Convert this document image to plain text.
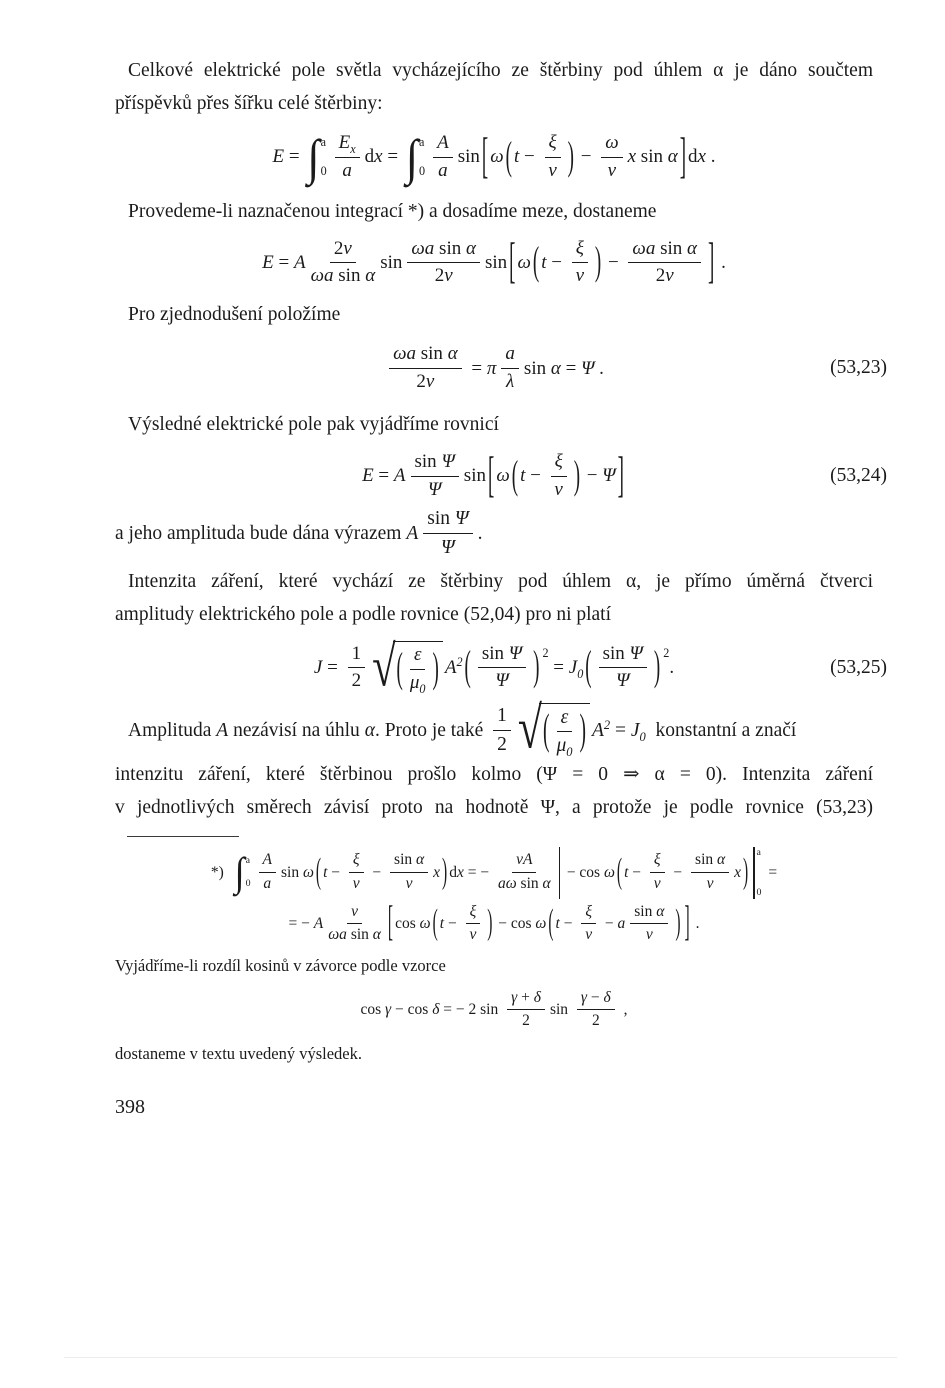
Celkové elektrické pole světla vycházejícího ze štěrbiny pod úhlem α je dáno součtem
příspěvků přes šířku celé štěrbiny:
E = ∫ a
$0 \frac{E_x}{a}$ d x = ∫ a
$0 \frac{A}{a}$ sin [ ω ( $t - \frac{\xi}{v}$ ) − $\frac{\omega}{v}$ x sin α ] d x .
Provedeme-li naznačenou integrací *) a dosadíme meze, dostaneme
E = A $\frac{2 v}{\text{ωa sin α}}$ $\sin \frac{\text{ωa sin α}}{2 v}$ sin [ ω ( $t - \frac{\xi}{v}$ ) − $\frac{\text{ωa sin α}}{2 v}$ ] .
Pro zjednodušení položíme
$\frac{\text{ωa sin α}}{2 v} = \pi \frac{a}{\lambda}$ sin α = Ψ .	(53,23)
Výsledné elektrické pole pak vyjádříme rovnicí
E = A $\frac{\text{sin Ψ}}{\Psi}$ sin [ ω ( $t - \frac{\xi}{v}$ ) − Ψ ]	(53,24)
a jeho amplituda bude dána výrazem A $\frac{\text{sin Ψ}}{\Psi}$ .
Intenzita záření, které vychází ze štěrbiny pod úhlem α, je přímo úměrná čtverci
amplitudy elektrického pole a podle rovnice (52,04) pro ni platí
$J = \frac{1}{2}$ √ ( $\frac{\varepsilon}{\mu_0}$ ) $A^2$ ( $\frac{\text{sin Ψ}}{\Psi}$ ) 2
= $J_0$ ( $\frac{\text{sin Ψ}}{\Psi}$ ) 2
.	(53,25)
Amplituda A nezávisí na úhlu α . Proto je také $\frac{1}{2}$ √ ( $\frac{\varepsilon}{\mu_0}$ ) $A^2 = J_0$ konstantní a značí
intenzitu záření, které štěrbinou prošlo kolmo (Ψ = 0 ⇒ α = 0). Intenzita záření
v jednotlivých směrech závisí proto na hodnotě Ψ, a protože je podle rovnice (53,23)
*) ∫ a
$0 \frac{A}{a}$ sin ω ( $t - \frac{\xi}{v} - \frac{\text{sin α}}{v}$ x ) d x = − $\frac{vA}{\text{aω sin α}} - \cos \omega$ ( $t - \frac{\xi}{v} - \frac{\text{sin α}}{v}$ x )
a
0
=
= − A $\frac{v}{\text{ωa sin α}}$ [ cos ω ( $t - \frac{\xi}{v}$ ) − cos ω ( $t - \frac{\xi}{v} - a \frac{\text{sin α}}{v}$ ) ] .
Vyjádříme-li rozdíl kosinů v závorce podle vzorce
cos γ − cos δ = − 2 $\sin \frac{\gamma + \delta}{2}$ $\sin \frac{\gamma - \delta}{2}$ ,
dostaneme v textu uvedený výsledek.
398
